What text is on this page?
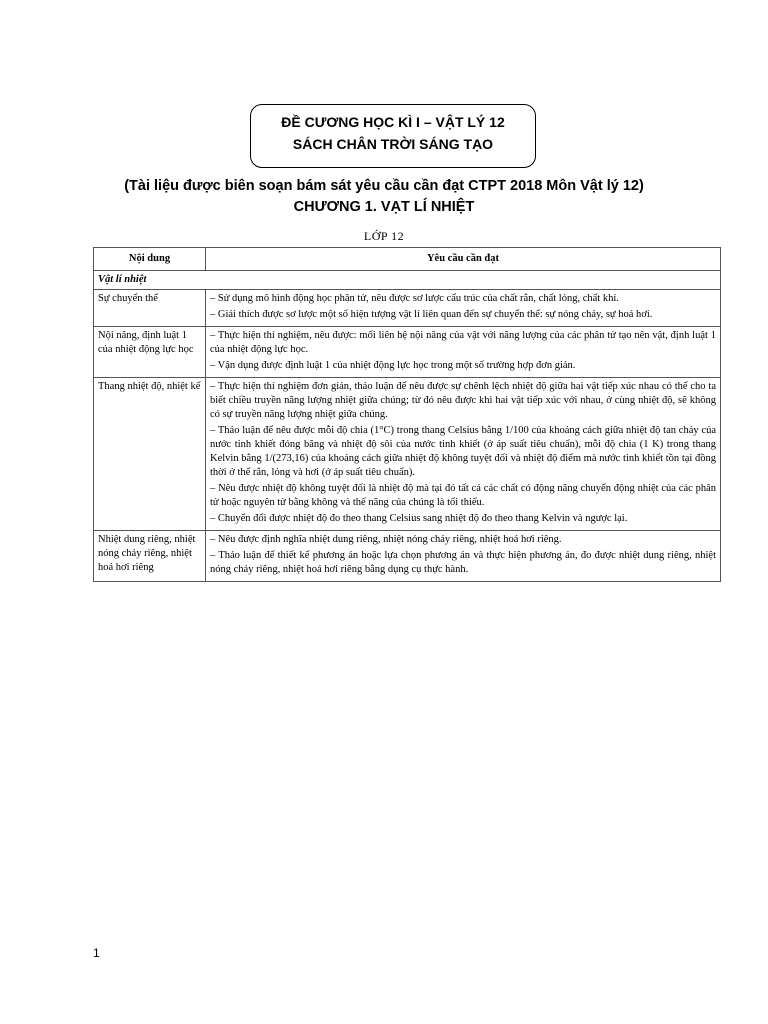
ĐỀ CƯƠNG HỌC KÌ I – VẬT LÝ 12
SÁCH CHÂN TRỜI SÁNG TẠO
(Tài liệu được biên soạn bám sát yêu cầu cần đạt CTPT 2018 Môn Vật lý 12)
CHƯƠNG 1. VẠT LÍ NHIỆT
LỚP 12
Nội dung	Yêu cầu cần đạt
Vật lí nhiệt	
Sự chuyển thể	– Sử dụng mô hình động học phân tử, nêu được sơ lược cấu trúc của chất rắn, chất lỏng, chất khí.
– Giải thích được sơ lược một số hiện tượng vật lí liên quan đến sự chuyển thể: sự nóng chảy, sự hoá hơi.

Nội năng, định luật 1 của nhiệt động lực học	– Thực hiện thí nghiệm, nêu được: mối liên hệ nội năng của vật với năng lượng của các phân tử tạo nên vật, định luật 1 của nhiệt động lực học.
– Vận dụng được định luật 1 của nhiệt động lực học trong một số trường hợp đơn giản.

Thang nhiệt độ, nhiệt kế	– Thực hiện thí nghiệm đơn giản, thảo luận để nêu được sự chênh lệch nhiệt độ giữa hai vật tiếp xúc nhau có thể cho ta biết chiều truyền năng lượng nhiệt giữa chúng; từ đó nêu được khi hai vật tiếp xúc với nhau, ở cùng nhiệt độ, sẽ không có sự truyền năng lượng nhiệt giữa chúng.
– Thảo luận để nêu được mỗi độ chia (1°C) trong thang Celsius bằng 1/100 của khoảng cách giữa nhiệt độ tan chảy của nước tinh khiết đóng băng và nhiệt độ sôi của nước tinh khiết (ở áp suất tiêu chuẩn), mỗi độ chia (1 K) trong thang Kelvin bằng 1/(273,16) của khoảng cách giữa nhiệt độ không tuyệt đối và nhiệt độ điểm mà nước tinh khiết tồn tại đồng thời ở thể rắn, lỏng và hơi (ở áp suất tiêu chuẩn).
– Nêu được nhiệt độ không tuyệt đối là nhiệt độ mà tại đó tất cả các chất có động năng chuyển động nhiệt của các phân tử hoặc nguyên tử bằng không và thế năng của chúng là tối thiểu.
– Chuyển đổi được nhiệt độ đo theo thang Celsius sang nhiệt độ đo theo thang Kelvin và ngược lại.

Nhiệt dung riêng, nhiệt nóng chảy riêng, nhiệt hoá hơi riêng	– Nêu được định nghĩa nhiệt dung riêng, nhiệt nóng chảy riêng, nhiệt hoá hơi riêng.
– Thảo luận để thiết kế phương án hoặc lựa chọn phương án và thực hiện phương án, đo được nhiệt dung riêng, nhiệt nóng chảy riêng, nhiệt hoá hơi riêng bằng dụng cụ thực hành.
1
